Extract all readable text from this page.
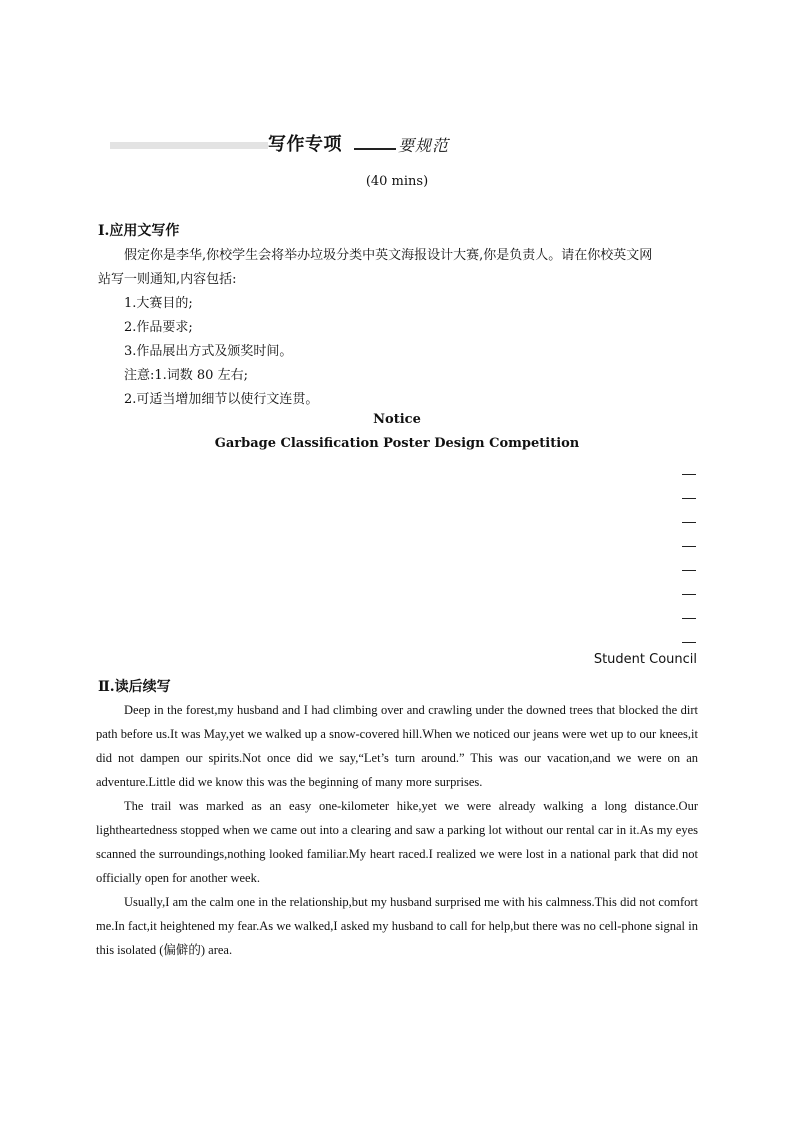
写作专项	要规范
(40 mins)
Ⅰ.应用文写作
假定你是李华,你校学生会将举办垃圾分类中英文海报设计大赛,你是负责人。请在你校英文网
站写一则通知,内容包括:
1.大赛目的;
2.作品要求;
3.作品展出方式及颁奖时间。
注意:1.词数 80 左右;
2.可适当增加细节以使行文连贯。
Notice
Garbage Classification Poster Design Competition
Student Council
Ⅱ.读后续写

Deep in the forest,my husband and I had climbing over and crawling under the downed trees that blocked the dirt path before us.It was May,yet we walked up a snow-covered hill.When we noticed our jeans were wet up to our knees,it did not dampen our spirits.Not once did we say,“Let’s turn around.” This was our vacation,and we were on an adventure.Little did we know this was the beginning of many more surprises.

The trail was marked as an easy one-kilometer hike,yet we were already walking a long distance.Our lightheartedness stopped when we came out into a clearing and saw a parking lot without our rental car in it.As my eyes scanned the surroundings,nothing looked familiar.My heart raced.I realized we were lost in a national park that did not officially open for another week.

Usually,I am the calm one in the relationship,but my husband surprised me with his calmness.This did not comfort me.In fact,it heightened my fear.As we walked,I asked my husband to call for help,but there was no cell-phone signal in this isolated (偏僻的) area.
